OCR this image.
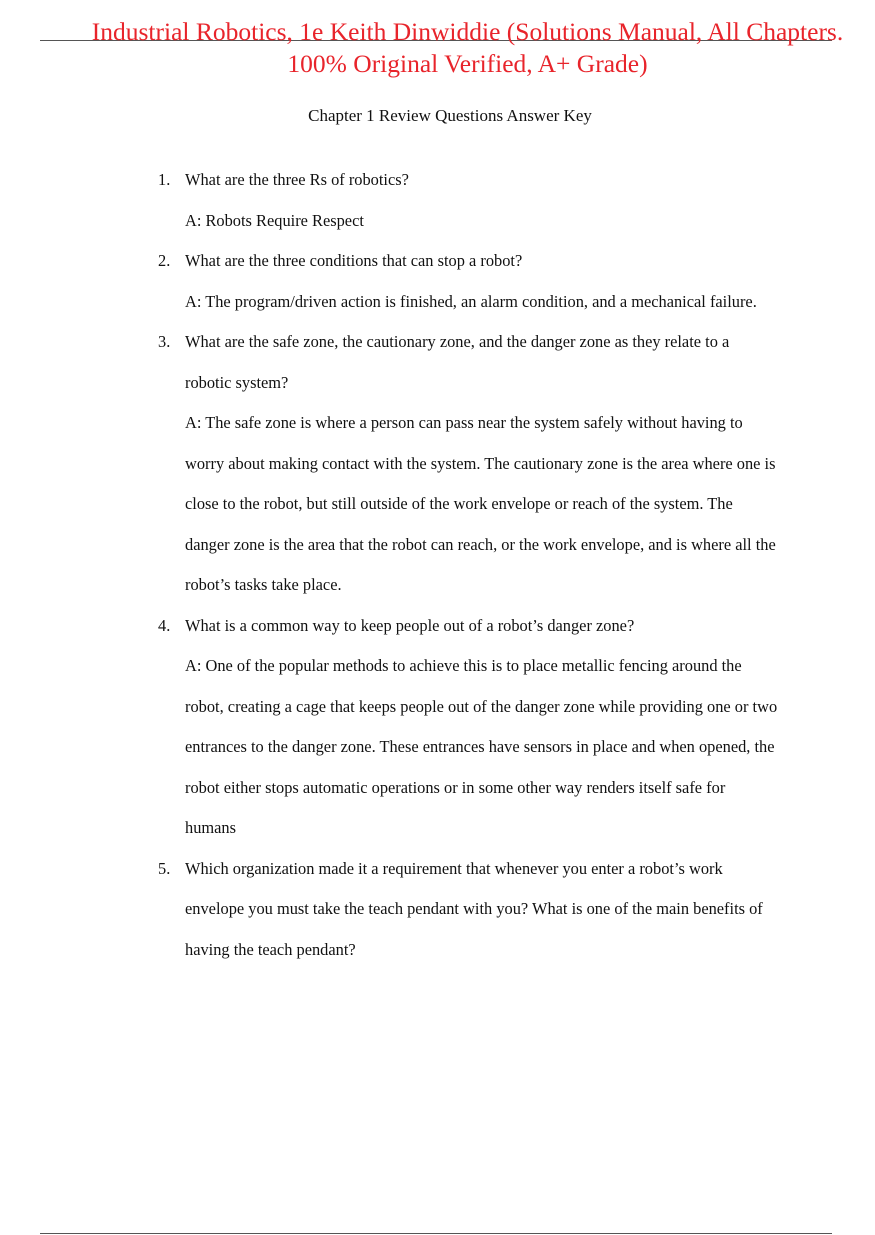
Industrial Robotics, 1e Keith Dinwiddie (Solutions Manual, All Chapters.
100% Original Verified, A+ Grade)
Chapter 1 Review Questions Answer Key
1. What are the three Rs of robotics?
A: Robots Require Respect
2. What are the three conditions that can stop a robot?
A: The program/driven action is finished, an alarm condition, and a mechanical failure.
3. What are the safe zone, the cautionary zone, and the danger zone as they relate to a robotic system?
A: The safe zone is where a person can pass near the system safely without having to worry about making contact with the system. The cautionary zone is the area where one is close to the robot, but still outside of the work envelope or reach of the system. The danger zone is the area that the robot can reach, or the work envelope, and is where all the robot’s tasks take place.
4. What is a common way to keep people out of a robot’s danger zone?
A: One of the popular methods to achieve this is to place metallic fencing around the robot, creating a cage that keeps people out of the danger zone while providing one or two entrances to the danger zone. These entrances have sensors in place and when opened, the robot either stops automatic operations or in some other way renders itself safe for humans
5. Which organization made it a requirement that whenever you enter a robot’s work envelope you must take the teach pendant with you? What is one of the main benefits of having the teach pendant?
